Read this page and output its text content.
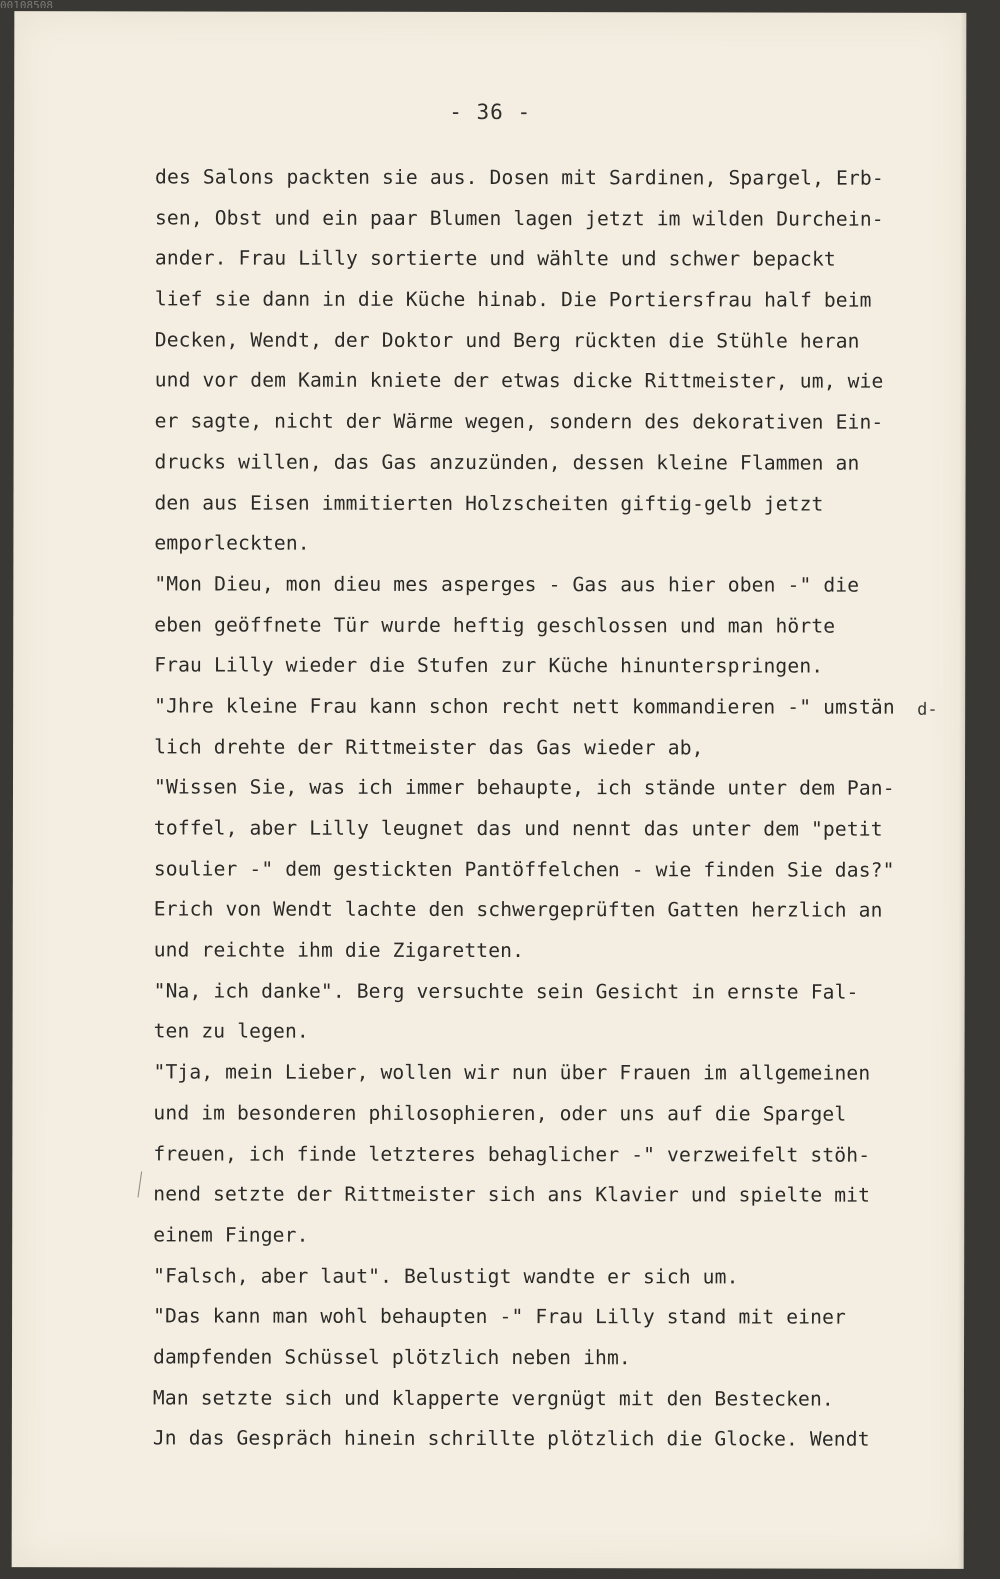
00108508
- 36 -
des Salons packten sie aus. Dosen mit Sardinen, Spargel, Erb-
sen, Obst und ein paar Blumen lagen jetzt im wilden Durchein-
ander. Frau Lilly sortierte und wählte und schwer bepackt
lief sie dann in die Küche hinab. Die Portiersfrau half beim
Decken, Wendt, der Doktor und Berg rückten die Stühle heran
und vor dem Kamin kniete der etwas dicke Rittmeister, um, wie
er sagte, nicht der Wärme wegen, sondern des dekorativen Ein-
drucks willen, das Gas anzuzünden, dessen kleine Flammen an
den aus Eisen immitierten Holzscheiten giftig-gelb jetzt
emporleckten.
"Mon Dieu, mon dieu mes asperges - Gas aus hier oben -" die
eben geöffnete Tür wurde heftig geschlossen und man hörte
Frau Lilly wieder die Stufen zur Küche hinunterspringen.
"Jhre kleine Frau kann schon recht nett kommandieren -" umstän
lich drehte der Rittmeister das Gas wieder ab,
"Wissen Sie, was ich immer behaupte, ich stände unter dem Pan-
toffel, aber Lilly leugnet das und nennt das unter dem "petit
soulier -" dem gestickten Pantöffelchen - wie finden Sie das?"
Erich von Wendt lachte den schwergeprüften Gatten herzlich an
und reichte ihm die Zigaretten.
"Na, ich danke". Berg versuchte sein Gesicht in ernste Fal-
ten zu legen.
"Tja, mein Lieber, wollen wir nun über Frauen im allgemeinen
und im besonderen philosophieren, oder uns auf die Spargel
freuen, ich finde letzteres behaglicher -" verzweifelt stöh-
nend setzte der Rittmeister sich ans Klavier und spielte mit
einem Finger.
"Falsch, aber laut". Belustigt wandte er sich um.
"Das kann man wohl behaupten -" Frau Lilly stand mit einer
dampfenden Schüssel plötzlich neben ihm.
Man setzte sich und klapperte vergnügt mit den Bestecken.
Jn das Gespräch hinein schrillte plötzlich die Glocke. Wendt
d-
